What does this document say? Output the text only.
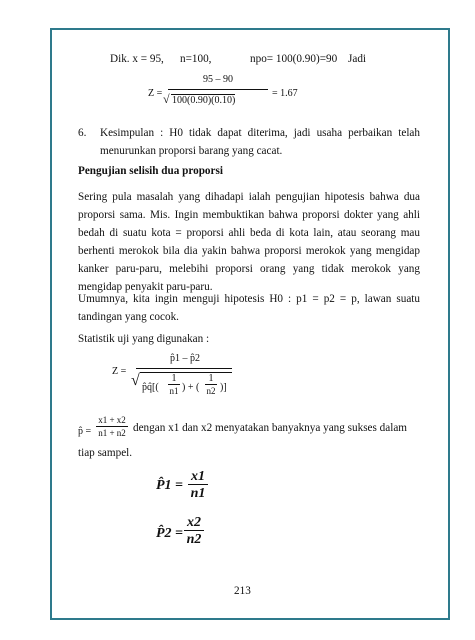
Dik. x = 95, n=100,	npo= 100(0.90)=90 Jadi
Z =
95 – 90
√ 100(0.90)(0.10)
= 1.67
6. Kesimpulan : H0 tidak dapat diterima, jadi usaha perbaikan telah menurunkan proporsi barang yang cacat.
Pengujian selisih dua proporsi
Sering pula masalah yang dihadapi ialah pengujian hipotesis bahwa dua proporsi sama. Mis. Ingin membuktikan bahwa proporsi dokter yang ahli bedah di suatu kota = proporsi ahli beda di kota lain, atau seorang mau berhenti merokok bila dia yakin bahwa proporsi merokok yang mengidap kanker paru-paru, melebihi proporsi orang yang tidak merokok yang mengidap penyakit paru-paru.
Umumnya, kita ingin menguji hipotesis H0 : p1 = p2 = p, lawan suatu tandingan yang cocok.
Statistik uji yang digunakan :
Z =
p̂1 – p̂2
√ p̂q̂[(
1
n1 ) + (
1
n2 )]
p̂ =
x1 + x2
n1 + n2 dengan x1 dan x2 menyatakan banyaknya yang sukses dalam
tiap sampel.
P̂1 =
x1
n1
P̂2 =
x2
n2
213
